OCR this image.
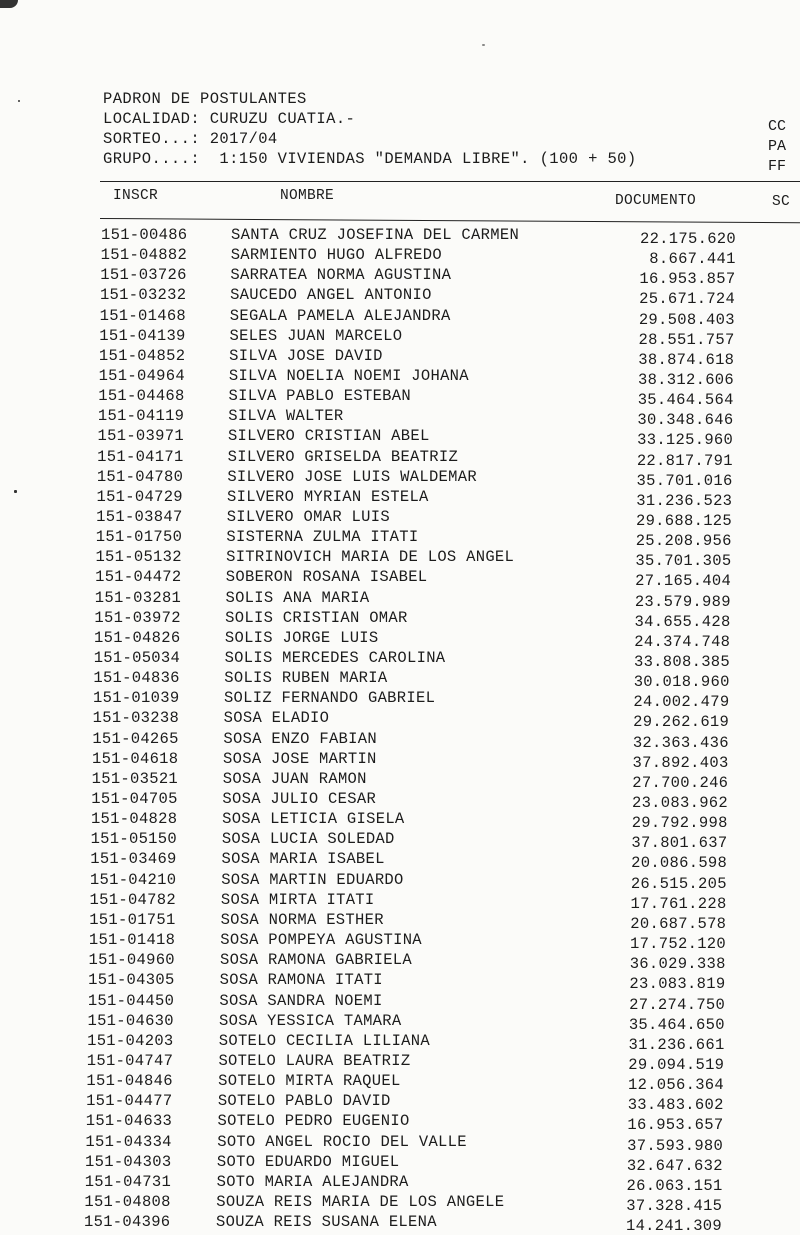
PADRON DE POSTULANTES
LOCALIDAD: CURUZU CUATIA.-
SORTEO...: 2017/04
GRUPO....: 1:150 VIVIENDAS "DEMANDA LIBRE". (100 + 50)
CC
PA
FF
INSCR	NOMBRE	DOCUMENTO	SC
151-00486	SANTA CRUZ JOSEFINA DEL CARMEN	22.175.620
151-04882	SARMIENTO HUGO ALFREDO	8.667.441
151-03726	SARRATEA NORMA AGUSTINA	16.953.857
151-03232	SAUCEDO ANGEL ANTONIO	25.671.724
151-01468	SEGALA PAMELA ALEJANDRA	29.508.403
151-04139	SELES JUAN MARCELO	28.551.757
151-04852	SILVA JOSE DAVID	38.874.618
151-04964	SILVA NOELIA NOEMI JOHANA	38.312.606
151-04468	SILVA PABLO ESTEBAN	35.464.564
151-04119	SILVA WALTER	30.348.646
151-03971	SILVERO CRISTIAN ABEL	33.125.960
151-04171	SILVERO GRISELDA BEATRIZ	22.817.791
151-04780	SILVERO JOSE LUIS WALDEMAR	35.701.016
151-04729	SILVERO MYRIAN ESTELA	31.236.523
151-03847	SILVERO OMAR LUIS	29.688.125
151-01750	SISTERNA ZULMA ITATI	25.208.956
151-05132	SITRINOVICH MARIA DE LOS ANGEL	35.701.305
151-04472	SOBERON ROSANA ISABEL	27.165.404
151-03281	SOLIS ANA MARIA	23.579.989
151-03972	SOLIS CRISTIAN OMAR	34.655.428
151-04826	SOLIS JORGE LUIS	24.374.748
151-05034	SOLIS MERCEDES CAROLINA	33.808.385
151-04836	SOLIS RUBEN MARIA	30.018.960
151-01039	SOLIZ FERNANDO GABRIEL	24.002.479
151-03238	SOSA ELADIO	29.262.619
151-04265	SOSA ENZO FABIAN	32.363.436
151-04618	SOSA JOSE MARTIN	37.892.403
151-03521	SOSA JUAN RAMON	27.700.246
151-04705	SOSA JULIO CESAR	23.083.962
151-04828	SOSA LETICIA GISELA	29.792.998
151-05150	SOSA LUCIA SOLEDAD	37.801.637
151-03469	SOSA MARIA ISABEL	20.086.598
151-04210	SOSA MARTIN EDUARDO	26.515.205
151-04782	SOSA MIRTA ITATI	17.761.228
151-01751	SOSA NORMA ESTHER	20.687.578
151-01418	SOSA POMPEYA AGUSTINA	17.752.120
151-04960	SOSA RAMONA GABRIELA	36.029.338
151-04305	SOSA RAMONA ITATI	23.083.819
151-04450	SOSA SANDRA NOEMI	27.274.750
151-04630	SOSA YESSICA TAMARA	35.464.650
151-04203	SOTELO CECILIA LILIANA	31.236.661
151-04747	SOTELO LAURA BEATRIZ	29.094.519
151-04846	SOTELO MIRTA RAQUEL	12.056.364
151-04477	SOTELO PABLO DAVID	33.483.602
151-04633	SOTELO PEDRO EUGENIO	16.953.657
151-04334	SOTO ANGEL ROCIO DEL VALLE	37.593.980
151-04303	SOTO EDUARDO MIGUEL	32.647.632
151-04731	SOTO MARIA ALEJANDRA	26.063.151
151-04808	SOUZA REIS MARIA DE LOS ANGELE	37.328.415
151-04396	SOUZA REIS SUSANA ELENA	14.241.309
